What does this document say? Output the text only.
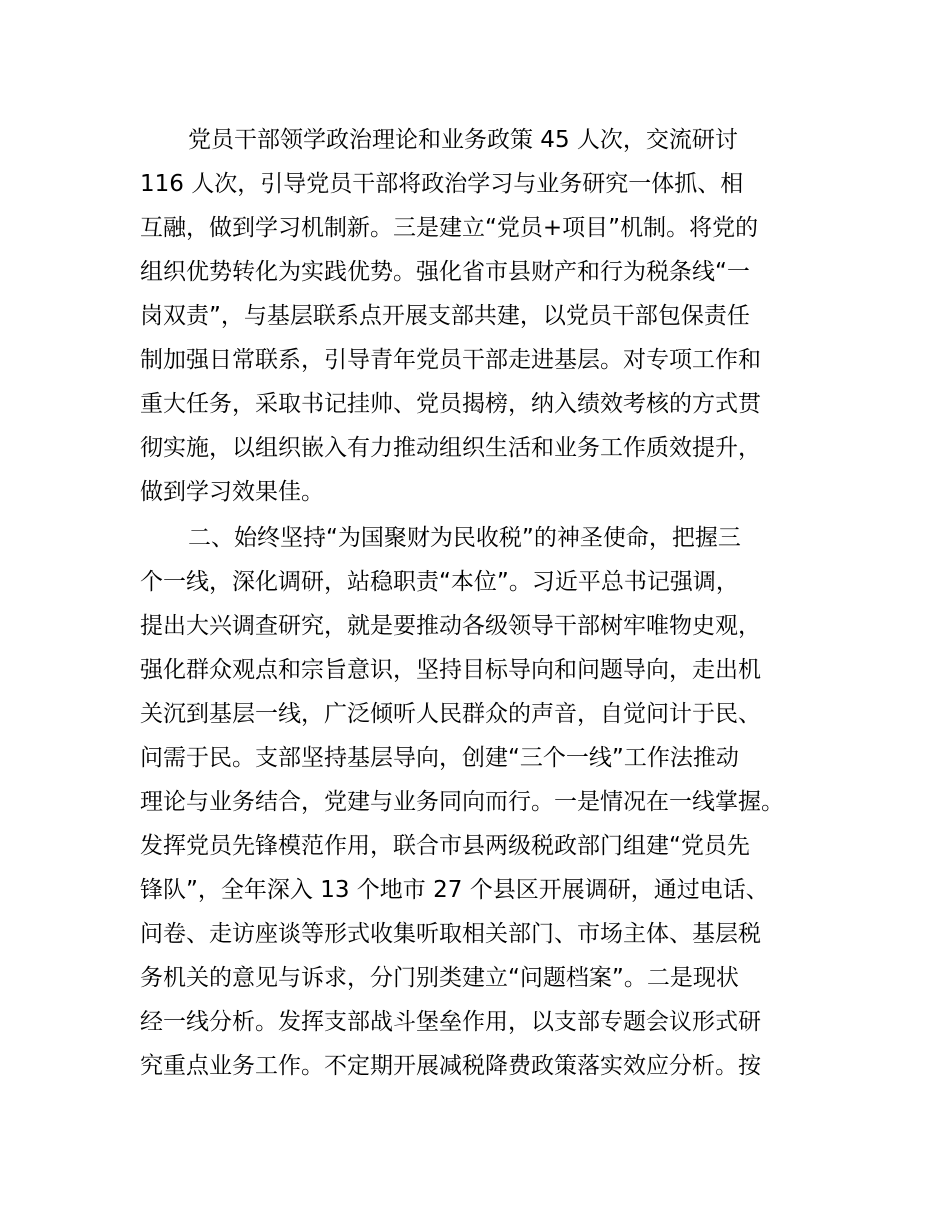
党员干部领学政治理论和业务政策 45 人次，交流研讨
116 人次，引导党员干部将政治学习与业务研究一体抓、相
互融，做到学习机制新。三是建立“党员+项目”机制。将党的
组织优势转化为实践优势。强化省市县财产和行为税条线“一
岗双责”，与基层联系点开展支部共建，以党员干部包保责任
制加强日常联系，引导青年党员干部走进基层。对专项工作和
重大任务，采取书记挂帅、党员揭榜，纳入绩效考核的方式贯
彻实施，以组织嵌入有力推动组织生活和业务工作质效提升，
做到学习效果佳。

二、始终坚持“为国聚财为民收税”的神圣使命，把握三
个一线，深化调研，站稳职责“本位”。习近平总书记强调，
提出大兴调查研究，就是要推动各级领导干部树牢唯物史观，
强化群众观点和宗旨意识，坚持目标导向和问题导向，走出机
关沉到基层一线，广泛倾听人民群众的声音，自觉问计于民、
问需于民。支部坚持基层导向，创建“三个一线”工作法推动
理论与业务结合，党建与业务同向而行。一是情况在一线掌握。
发挥党员先锋模范作用，联合市县两级税政部门组建“党员先
锋队”，全年深入 13 个地市 27 个县区开展调研，通过电话、
问卷、走访座谈等形式收集听取相关部门、市场主体、基层税
务机关的意见与诉求，分门别类建立“问题档案”。二是现状
经一线分析。发挥支部战斗堡垒作用，以支部专题会议形式研
究重点业务工作。不定期开展减税降费政策落实效应分析。按
